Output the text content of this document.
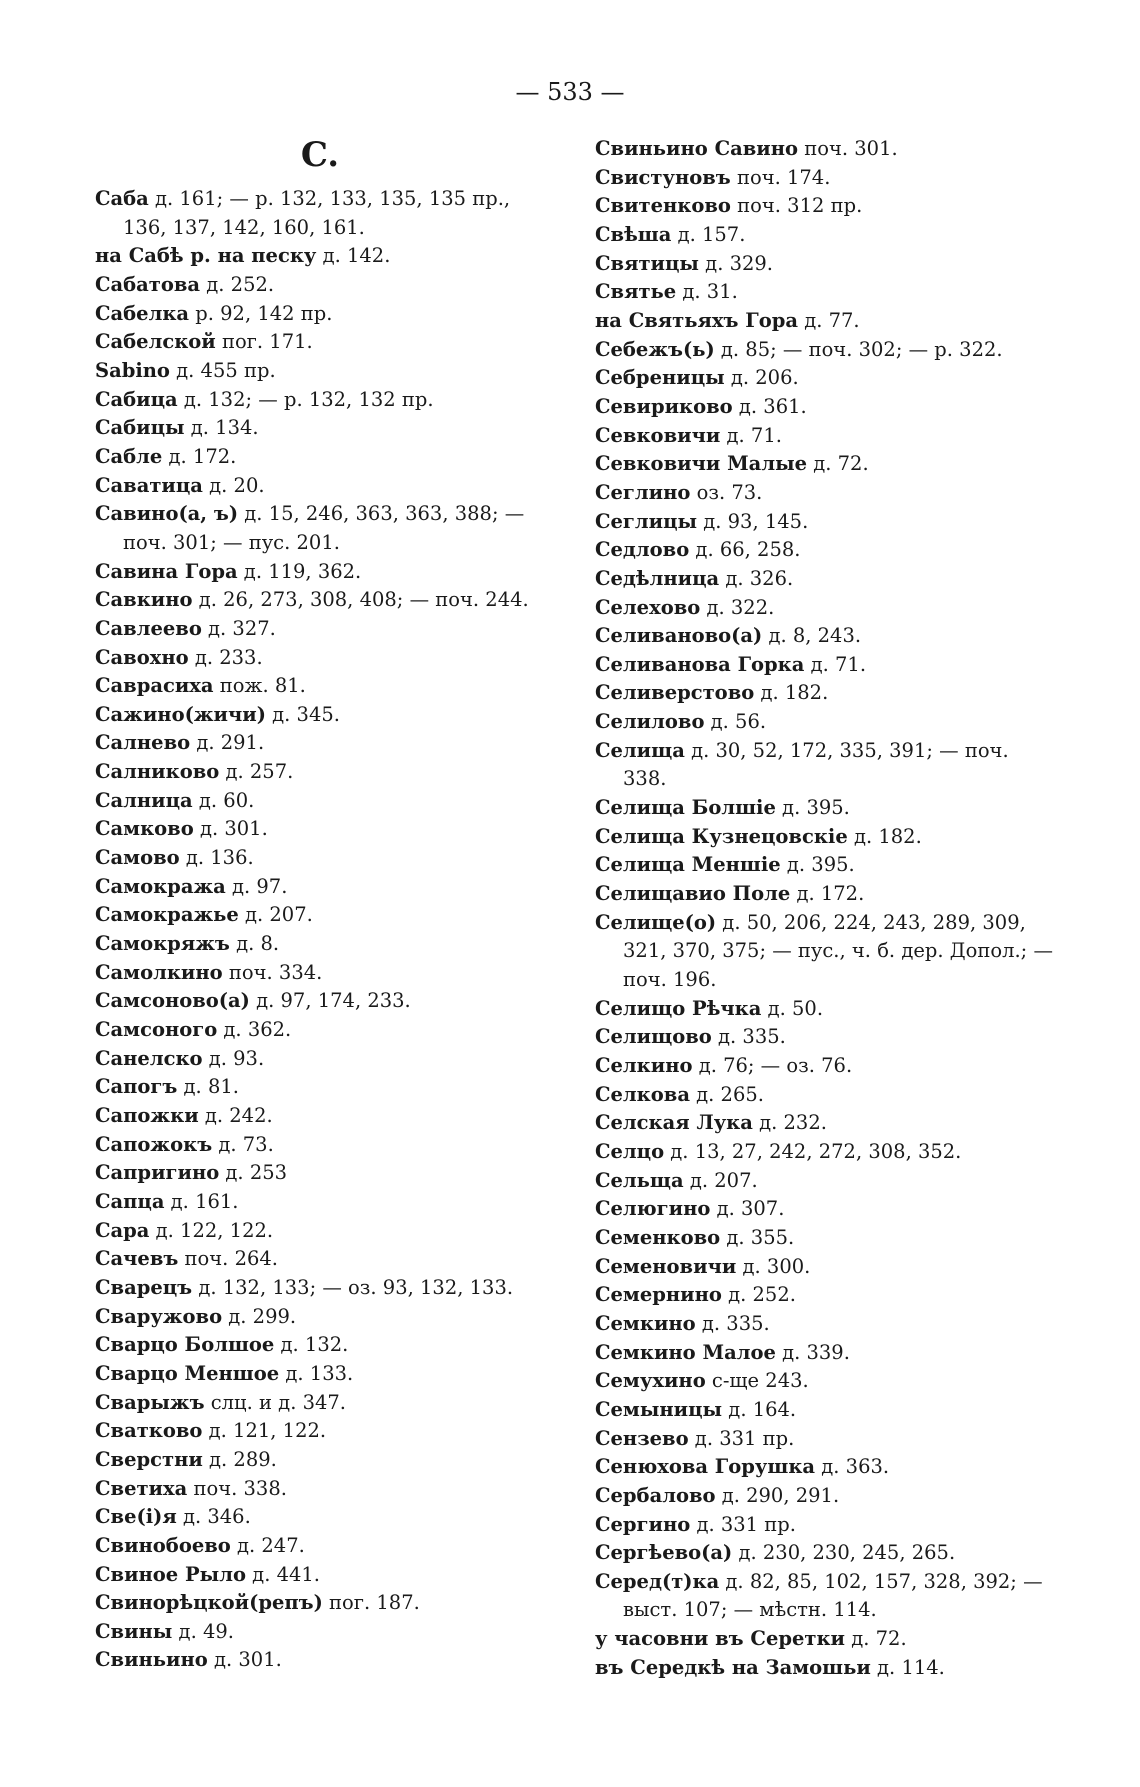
— 533 —
C.
Саба д. 161; — р. 132, 133, 135, 135 пр.,
136, 137, 142, 160, 161.
на Сабѣ р. на песку д. 142.
Сабатова д. 252.
Сабелка р. 92, 142 пр.
Сабелской пог. 171.
Sabino д. 455 пр.
Сабица д. 132; — р. 132, 132 пр.
Сабицы д. 134.
Сабле д. 172.
Саватица д. 20.
Савино(а, ъ) д. 15, 246, 363, 363, 388; —
поч. 301; — пус. 201.
Савина Гора д. 119, 362.
Савкино д. 26, 273, 308, 408; — поч. 244.
Савлеево д. 327.
Савохно д. 233.
Саврасиха пож. 81.
Сажино(жичи) д. 345.
Салнево д. 291.
Салниково д. 257.
Салница д. 60.
Самково д. 301.
Самово д. 136.
Самокража д. 97.
Самокражье д. 207.
Самокряжъ д. 8.
Самолкино поч. 334.
Самсоново(а) д. 97, 174, 233.
Самсоного д. 362.
Санелско д. 93.
Сапогъ д. 81.
Сапожки д. 242.
Сапожокъ д. 73.
Сапригино д. 253
Сапца д. 161.
Сара д. 122, 122.
Сачевъ поч. 264.
Сварецъ д. 132, 133; — оз. 93, 132, 133.
Сваружово д. 299.
Сварцо Болшое д. 132.
Сварцо Меншое д. 133.
Сварыжъ слц. и д. 347.
Сватково д. 121, 122.
Сверстни д. 289.
Светиха поч. 338.
Све(і)я д. 346.
Свинобоево д. 247.
Свиное Рыло д. 441.
Свинорѣцкой(репъ) пог. 187.
Свины д. 49.
Свиньино д. 301.
Свиньино Савино поч. 301.
Свистуновъ поч. 174.
Свитенково поч. 312 пр.
Свѣша д. 157.
Святицы д. 329.
Святье д. 31.
на Святьяхъ Гора д. 77.
Себежъ(ь) д. 85; — поч. 302; — р. 322.
Себреницы д. 206.
Севириково д. 361.
Севковичи д. 71.
Севковичи Малые д. 72.
Сеглино оз. 73.
Сеглицы д. 93, 145.
Седлово д. 66, 258.
Седѣлница д. 326.
Селехово д. 322.
Селиваново(а) д. 8, 243.
Селиванова Горка д. 71.
Селиверстово д. 182.
Селилово д. 56.
Селища д. 30, 52, 172, 335, 391; — поч.
338.
Селища Болшіе д. 395.
Селища Кузнецовскіе д. 182.
Селища Меншіе д. 395.
Селищавио Поле д. 172.
Селище(о) д. 50, 206, 224, 243, 289, 309,
321, 370, 375; — пус., ч. б. дер. Допол.; —
поч. 196.
Селищо Рѣчка д. 50.
Селищово д. 335.
Селкино д. 76; — оз. 76.
Селкова д. 265.
Селская Лука д. 232.
Селцо д. 13, 27, 242, 272, 308, 352.
Сельща д. 207.
Селюгино д. 307.
Семенково д. 355.
Семеновичи д. 300.
Семернино д. 252.
Семкино д. 335.
Семкино Малое д. 339.
Семухино с-ще 243.
Семыницы д. 164.
Сензево д. 331 пр.
Сенюхова Горушка д. 363.
Сербалово д. 290, 291.
Сергино д. 331 пр.
Сергѣево(а) д. 230, 230, 245, 265.
Серед(т)ка д. 82, 85, 102, 157, 328, 392; —
выст. 107; — мѣстн. 114.
у часовни въ Серетки д. 72.
въ Середкѣ на Замошьи д. 114.
